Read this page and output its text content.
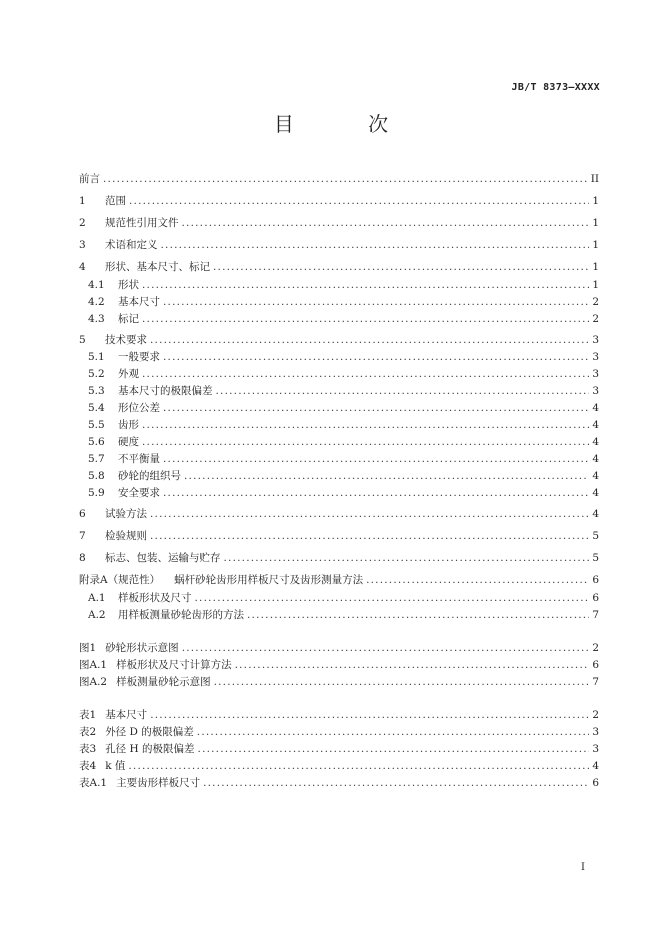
JB/T 8373—XXXX
目 次
前言 .....	II
1	范围 .....	1
2	规范性引用文件 .....	1
3	术语和定义 .....	1
4	形状、基本尺寸、标记 .....	1
4.1	形状 .....	1
4.2	基本尺寸 .....	2
4.3	标记 .....	2
5	技术要求 .....	3
5.1	一般要求 .....	3
5.2	外观 .....	3
5.3	基本尺寸的极限偏差 .....	3
5.4	形位公差 .....	4
5.5	齿形 .....	4
5.6	硬度 .....	4
5.7	不平衡量 .....	4
5.8	砂轮的组织号 .....	4
5.9	安全要求 .....	4
6	试验方法 .....	4
7	检验规则 .....	5
8	标志、包装、运输与贮存 .....	5
附录A（规范性） 蜗杆砂轮齿形用样板尺寸及齿形测量方法 .....	6
A.1	样板形状及尺寸 .....	6
A.2	用样板测量砂轮齿形的方法 .....	7
图1 砂轮形状示意图 .....	2
图A.1 样板形状及尺寸计算方法 .....	6
图A.2 样板测量砂轮示意图 .....	7
表1 基本尺寸 .....	2
表2 外径 D 的极限偏差 .....	3
表3 孔径 H 的极限偏差 .....	3
表4 k 值 .....	4
表A.1 主要齿形样板尺寸 .....	6
I
